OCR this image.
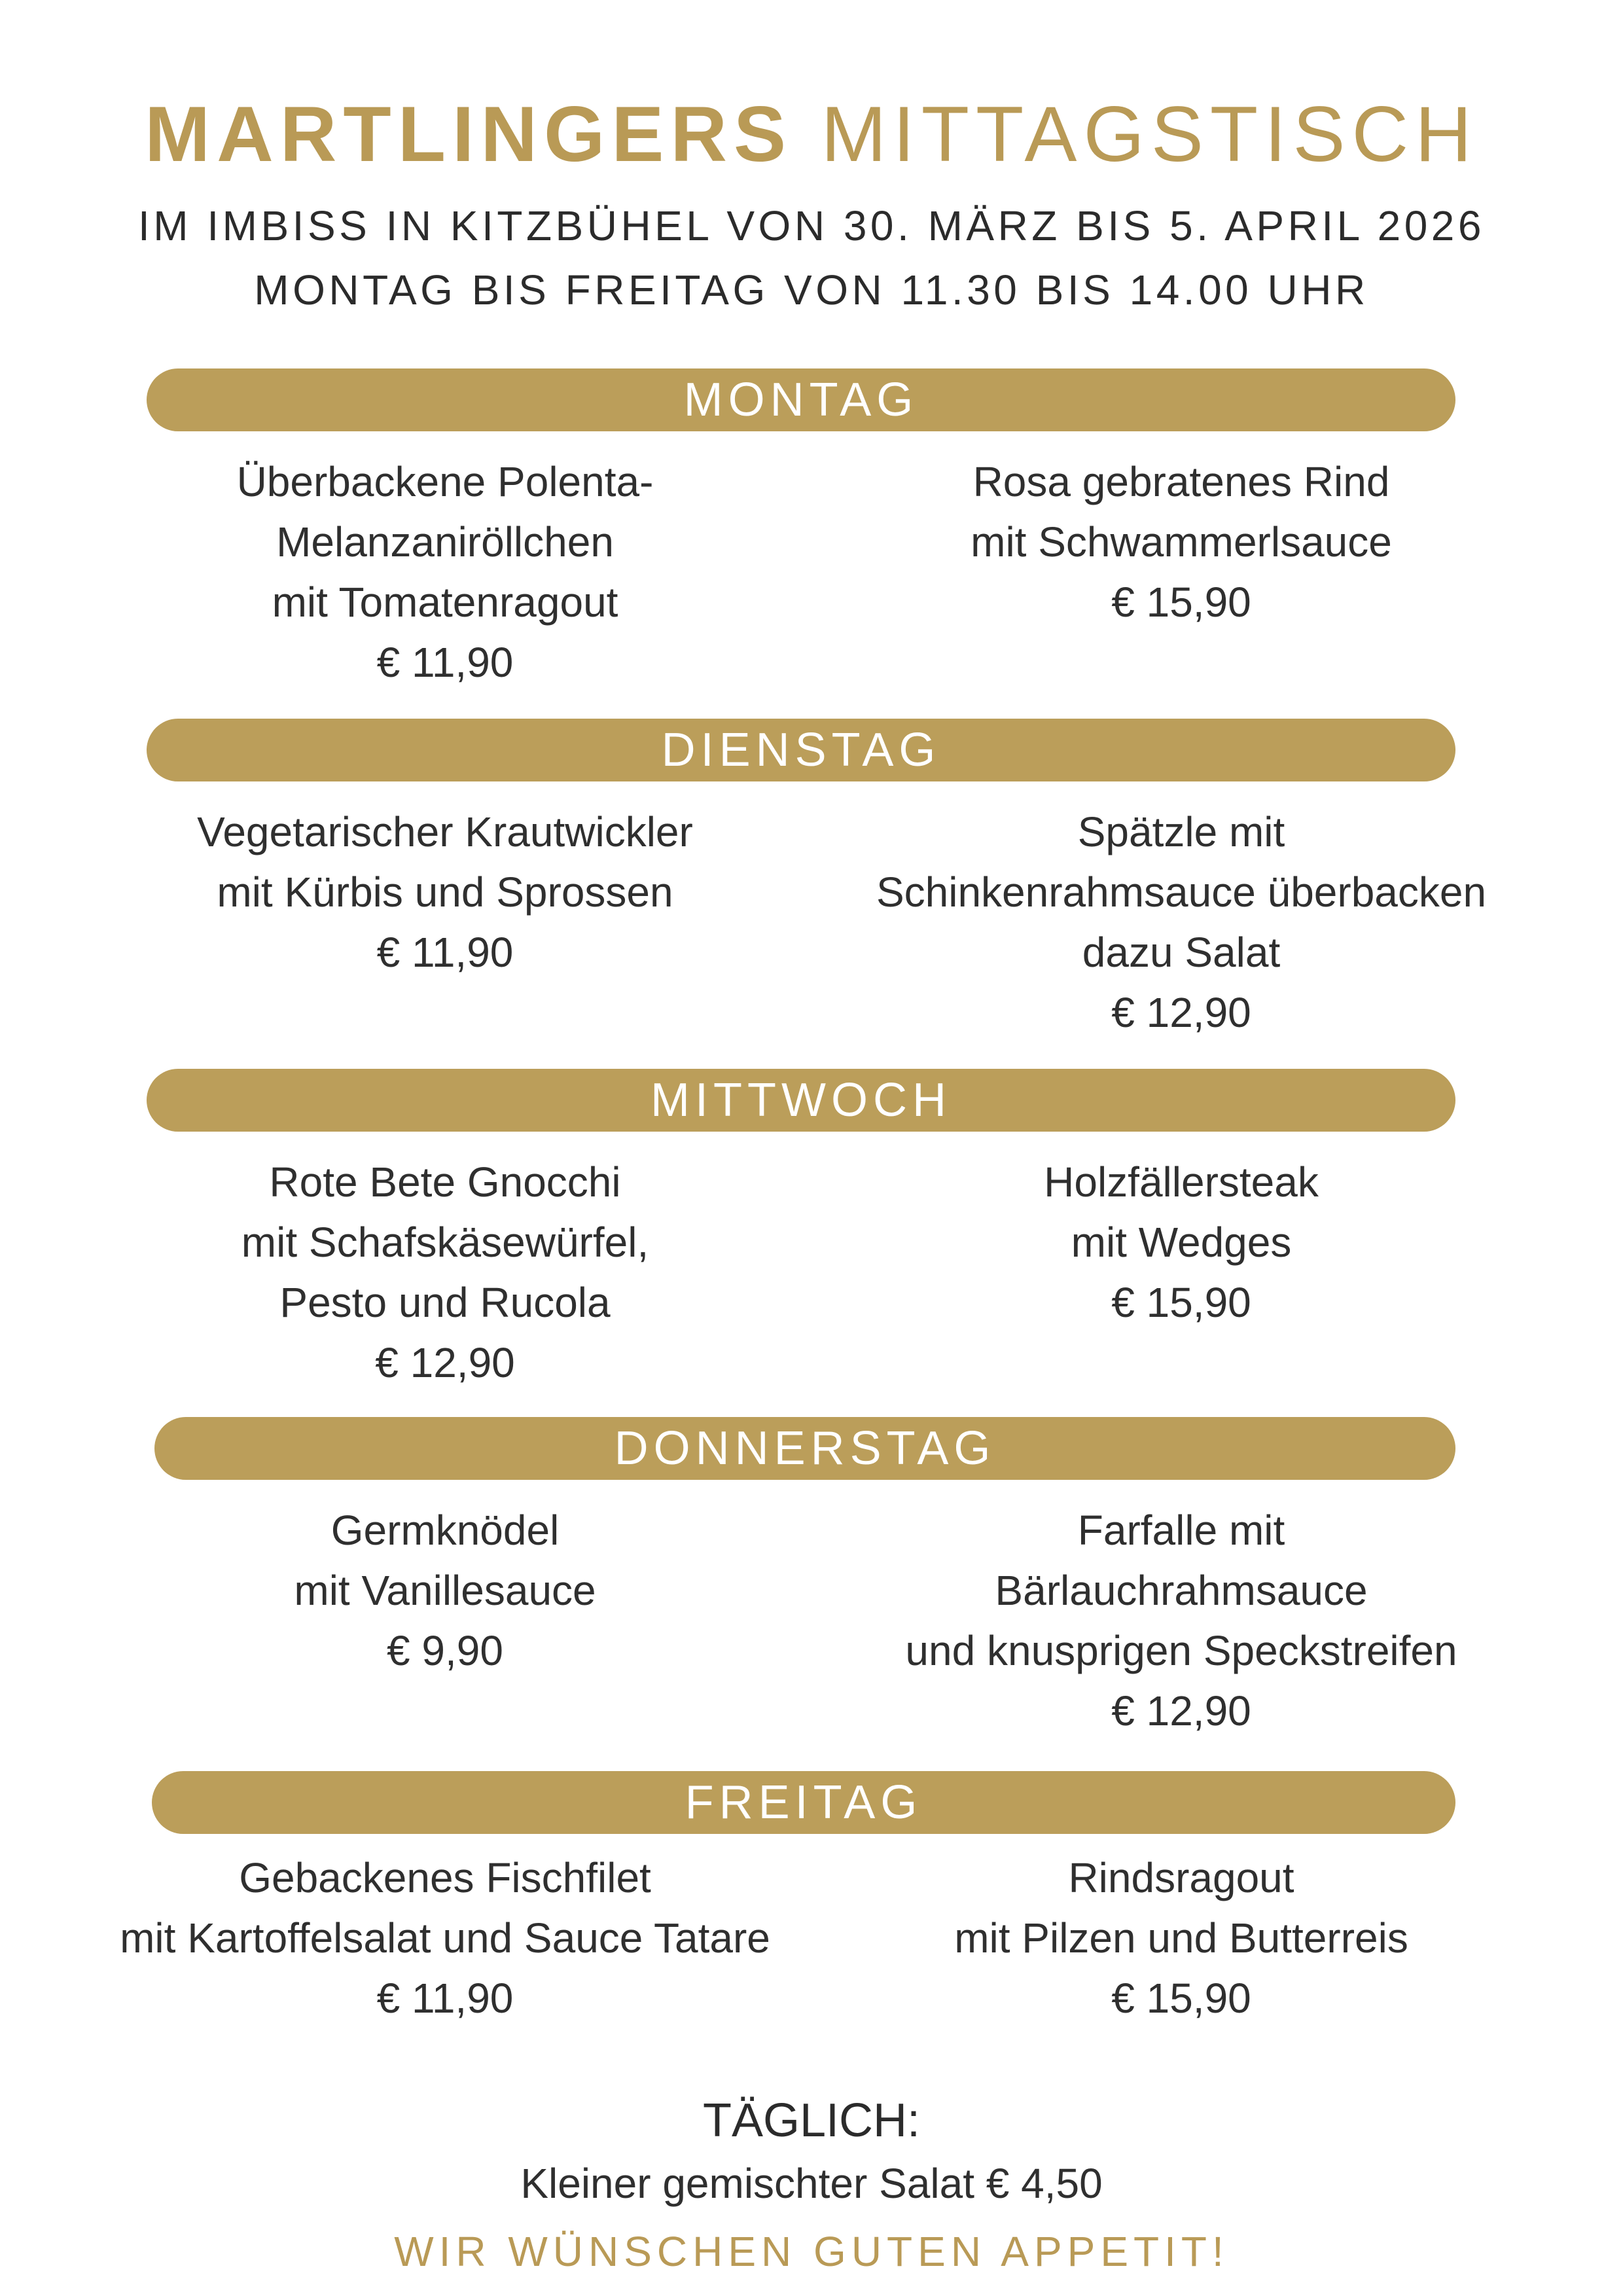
MARTLINGERS MITTAGSTISCH
IM IMBISS IN KITZBÜHEL VON 30. MÄRZ BIS 5. APRIL 2026
MONTAG BIS FREITAG VON 11.30 BIS 14.00 UHR
MONTAG
Überbackene Polenta-
Melanzaniröllchen
mit Tomatenragout
€ 11,90
Rosa gebratenes Rind
mit Schwammerlsauce
€ 15,90
DIENSTAG
Vegetarischer Krautwickler
mit Kürbis und Sprossen
€ 11,90
Spätzle mit
Schinkenrahmsauce überbacken
dazu Salat
€ 12,90
MITTWOCH
Rote Bete Gnocchi
mit Schafskäsewürfel,
Pesto und Rucola
€ 12,90
Holzfällersteak
mit Wedges
€ 15,90
DONNERSTAG
Germknödel
mit Vanillesauce
€ 9,90
Farfalle mit
Bärlauchrahmsauce
und knusprigen Speckstreifen
€ 12,90
FREITAG
Gebackenes Fischfilet
mit Kartoffelsalat und Sauce Tatare
€ 11,90
Rindsragout
mit Pilzen und Butterreis
€ 15,90
TÄGLICH:
Kleiner gemischter Salat € 4,50
WIR WÜNSCHEN GUTEN APPETIT!
